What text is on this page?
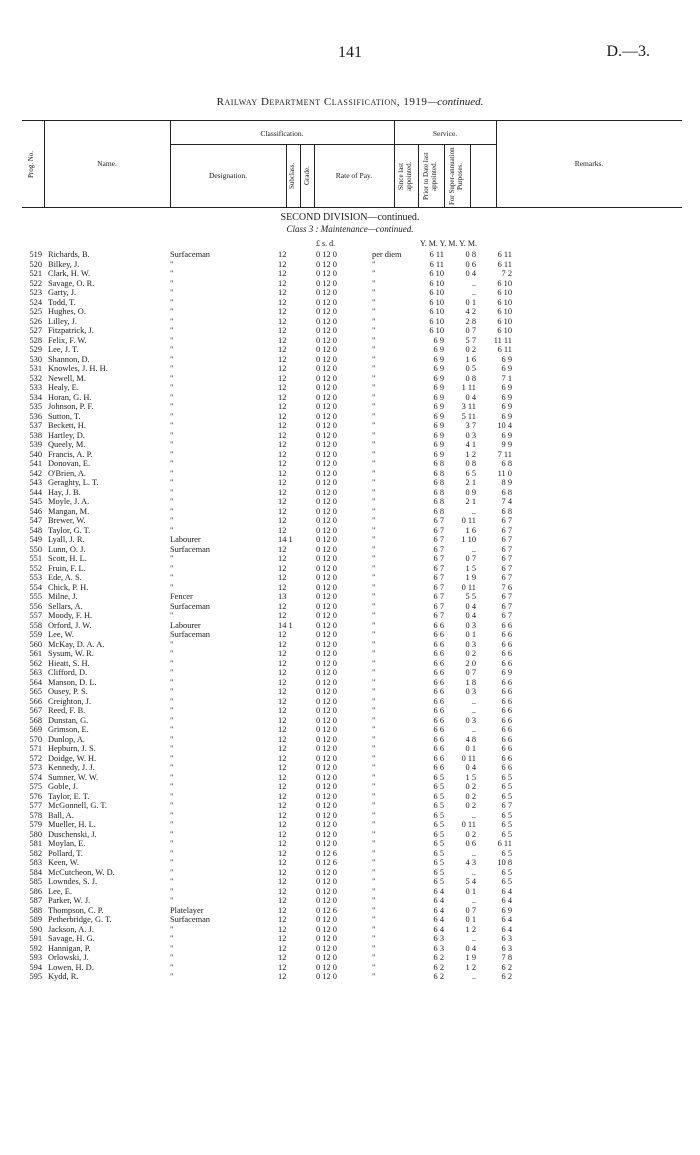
141	D.—3.
Railway Department Classification, 1919—continued.
Prog. No.	Name.
Classification.
Designation.	Subclass. Grade.	Rate of Pay.
Service.
Since last appointed. Prior to Date last appointed. For Super-annuation Purposes.	Remarks.
SECOND DIVISION—continued.
Class 3 : Maintenance—continued.
£ s. d.	Y. M. Y. M. Y. M.
519 Richards, B.	Surfaceman	12	0 12 0	per diem	6 11	0 8	6 11
520 Bilkey, J.	"	12	0 12 0	"	6 11	0 6	6 11
521 Clark, H. W.	"	12	0 12 0	"	6 10	0 4	7 2
522 Savage, O. R.	"	12	0 12 0	"	6 10	..	6 10
523 Garty, J.	"	12	0 12 0	"	6 10	..	6 10
524 Todd, T.	"	12	0 12 0	"	6 10	0 1	6 10
525 Hughes, O.	"	12	0 12 0	"	6 10	4 2	6 10
526 Lilley, J.	"	12	0 12 0	"	6 10	2 8	6 10
527 Fitzpatrick, J.	"	12	0 12 0	"	6 10	0 7	6 10
528 Felix, F. W.	"	12	0 12 0	"	6 9	5 7	11 11
529 Lee, J. T.	"	12	0 12 0	"	6 9	0 2	6 11
530 Shannon, D.	"	12	0 12 0	"	6 9	1 6	6 9
531 Knowles, J. H. H.	"	12	0 12 0	"	6 9	0 5	6 9
532 Newell, M.	"	12	0 12 0	"	6 9	0 8	7 1
533 Healy, E.	"	12	0 12 0	"	6 9	1 11	6 9
534 Horan, G. H.	"	12	0 12 0	"	6 9	0 4	6 9
535 Johnson, P. F.	"	12	0 12 0	"	6 9	3 11	6 9
536 Sutton, T.	"	12	0 12 0	"	6 9	5 11	6 9
537 Beckett, H.	"	12	0 12 0	"	6 9	3 7	10 4
538 Hartley, D.	"	12	0 12 0	"	6 9	0 3	6 9
539 Queely, M.	"	12	0 12 0	"	6 9	4 1	9 9
540 Francis, A. P.	"	12	0 12 0	"	6 9	1 2	7 11
541 Donovan, E.	"	12	0 12 0	"	6 8	0 8	6 8
542 O'Brien, A.	"	12	0 12 0	"	6 8	6 5	11 0
543 Geraghty, L. T.	"	12	0 12 0	"	6 8	2 1	8 9
544 Hay, J. B.	"	12	0 12 0	"	6 8	0 9	6 8
545 Moyle, J. A.	"	12	0 12 0	"	6 8	2 1	7 4
546 Mangan, M.	"	12	0 12 0	"	6 8	..	6 8
547 Brewer, W.	"	12	0 12 0	"	6 7	0 11	6 7
548 Taylor, G. T.	"	12	0 12 0	"	6 7	1 6	6 7
549 Lyall, J. R.	Labourer	14 1	0 12 0	"	6 7	1 10	6 7
550 Lunn, O. J.	Surfaceman	12	0 12 0	"	6 7	..	6 7
551 Scott, H. L.	"	12	0 12 0	"	6 7	0 7	6 7
552 Fruin, F. L.	"	12	0 12 0	"	6 7	1 5	6 7
553 Ede, A. S.	"	12	0 12 0	"	6 7	1 9	6 7
554 Chick, P. H.	"	12	0 12 0	"	6 7	0 11	7 6
555 Milne, J.	Fencer	13	0 12 0	"	6 7	5 5	6 7
556 Sellars, A.	Surfaceman	12	0 12 0	"	6 7	0 4	6 7
557 Moody, F. H.	"	12	0 12 0	"	6 7	0 4	6 7
558 Orford, J. W.	Labourer	14 1	0 12 0	"	6 6	0 3	6 6
559 Lee, W.	Surfaceman	12	0 12 0	"	6 6	0 1	6 6
560 McKay, D. A. A.	"	12	0 12 0	"	6 6	0 3	6 6
561 Sysum, W. R.	"	12	0 12 0	"	6 6	0 2	6 6
562 Hieatt, S. H.	"	12	0 12 0	"	6 6	2 0	6 6
563 Clifford, D.	"	12	0 12 0	"	6 6	0 7	6 9
564 Manson, D. L.	"	12	0 12 0	"	6 6	1 8	6 6
565 Ousey, P. S.	"	12	0 12 0	"	6 6	0 3	6 6
566 Creighton, J.	"	12	0 12 0	"	6 6	..	6 6
567 Reed, F. B.	"	12	0 12 0	"	6 6	..	6 6
568 Dunstan, G.	"	12	0 12 0	"	6 6	0 3	6 6
569 Grimson, E.	"	12	0 12 0	"	6 6	..	6 6
570 Dunlop, A.	"	12	0 12 0	"	6 6	4 8	6 6
571 Hepburn, J. S.	"	12	0 12 0	"	6 6	0 1	6 6
572 Doidge, W. H.	"	12	0 12 0	"	6 6	0 11	6 6
573 Kennedy, J. J.	"	12	0 12 0	"	6 6	0 4	6 6
574 Sumner, W. W.	"	12	0 12 0	"	6 5	1 5	6 5
575 Goble, J.	"	12	0 12 0	"	6 5	0 2	6 5
576 Taylor, E. T.	"	12	0 12 0	"	6 5	0 2	6 5
577 McGonnell, G. T.	"	12	0 12 0	"	6 5	0 2	6 7
578 Ball, A.	"	12	0 12 0	"	6 5	..	6 5
579 Mueller, H. L.	"	12	0 12 0	"	6 5	0 11	6 5
580 Duschenski, J.	"	12	0 12 0	"	6 5	0 2	6 5
581 Moylan, E.	"	12	0 12 0	"	6 5	0 6	6 11
582 Pollard, T.	"	12	0 12 6	"	6 5	..	6 5
583 Keen, W.	"	12	0 12 6	"	6 5	4 3	10 8
584 McCutcheon, W. D.	"	12	0 12 0	"	6 5	..	6 5
585 Lowndes, S. J.	"	12	0 12 0	"	6 5	5 4	6 5
586 Lee, E.	"	12	0 12 0	"	6 4	0 1	6 4
587 Parker, W. J.	"	12	0 12 0	"	6 4	..	6 4
588 Thompson, C. P.	Platelayer	12	0 12 6	"	6 4	0 7	6 9
589 Petherbridge, G. T.	Surfaceman	12	0 12 0	"	6 4	0 1	6 4
590 Jackson, A. J.	"	12	0 12 0	"	6 4	1 2	6 4
591 Savage, H. G.	"	12	0 12 0	"	6 3	..	6 3
592 Hannigan, P.	"	12	0 12 0	"	6 3	0 4	6 3
593 Orlowski, J.	"	12	0 12 0	"	6 2	1 9	7 8
594 Lowen, H. D.	"	12	0 12 0	"	6 2	1 2	6 2
595 Kydd, R.	"	12	0 12 0	"	6 2	..	6 2
